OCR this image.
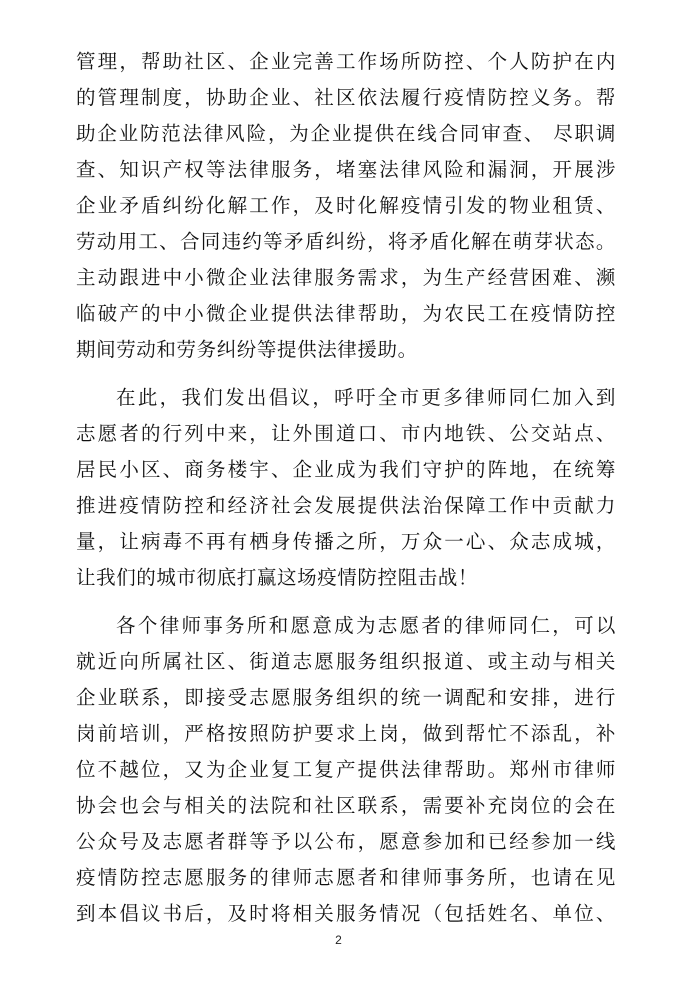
管理，帮助社区、企业完善工作场所防控、个人防护在内
的管理制度，协助企业、社区依法履行疫情防控义务。帮
助企业防范法律风险，为企业提供在线合同审查、 尽职调
查、知识产权等法律服务，堵塞法律风险和漏洞，开展涉
企业矛盾纠纷化解工作，及时化解疫情引发的物业租赁、
劳动用工、合同违约等矛盾纠纷，将矛盾化解在萌芽状态。
主动跟进中小微企业法律服务需求，为生产经营困难、濒
临破产的中小微企业提供法律帮助，为农民工在疫情防控
期间劳动和劳务纠纷等提供法律援助。
在此，我们发出倡议，呼吁全市更多律师同仁加入到
志愿者的行列中来，让外围道口、市内地铁、公交站点、
居民小区、商务楼宇、企业成为我们守护的阵地，在统筹
推进疫情防控和经济社会发展提供法治保障工作中贡献力
量，让病毒不再有栖身传播之所，万众一心、众志成城，
让我们的城市彻底打赢这场疫情防控阻击战！
各个律师事务所和愿意成为志愿者的律师同仁，可以
就近向所属社区、街道志愿服务组织报道、或主动与相关
企业联系，即接受志愿服务组织的统一调配和安排，进行
岗前培训，严格按照防护要求上岗，做到帮忙不添乱，补
位不越位，又为企业复工复产提供法律帮助。郑州市律师
协会也会与相关的法院和社区联系，需要补充岗位的会在
公众号及志愿者群等予以公布，愿意参加和已经参加一线
疫情防控志愿服务的律师志愿者和律师事务所，也请在见
到本倡议书后，及时将相关服务情况（包括姓名、单位、
2
